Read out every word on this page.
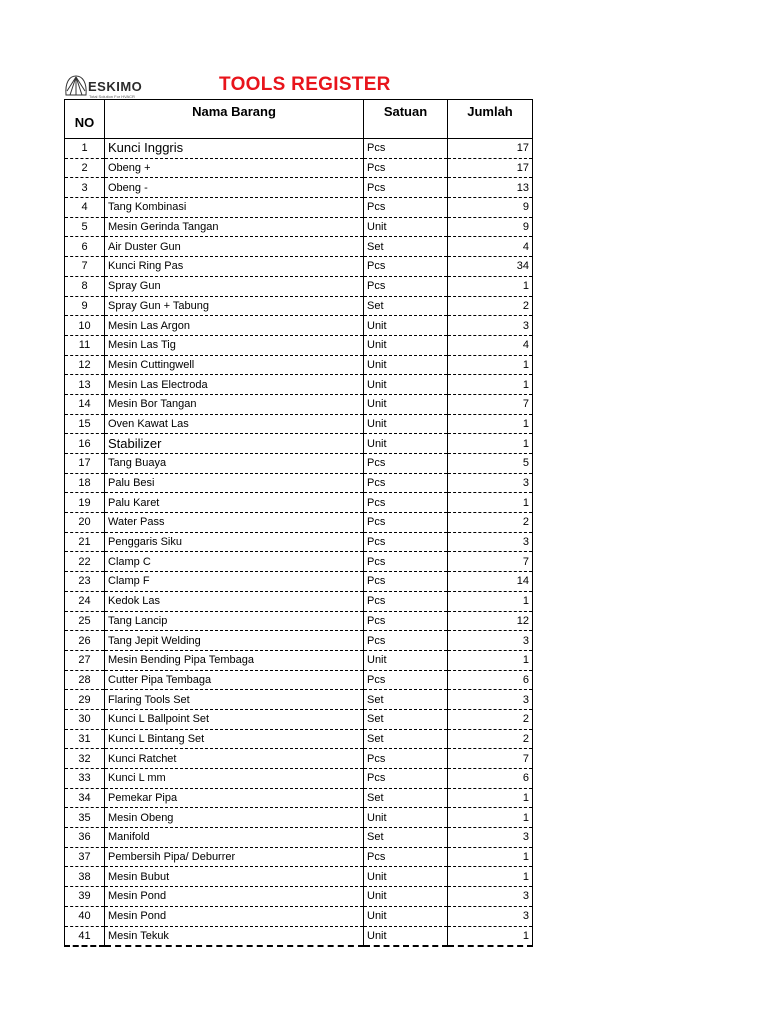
ESKIMO
Total Solution For HVACR
TOOLS REGISTER
NO	Nama Barang	Satuan	Jumlah
1	Kunci Inggris	Pcs	17
2	Obeng +	Pcs	17
3	Obeng -	Pcs	13
4	Tang Kombinasi	Pcs	9
5	Mesin Gerinda Tangan	Unit	9
6	Air Duster Gun	Set	4
7	Kunci Ring Pas	Pcs	34
8	Spray Gun	Pcs	1
9	Spray Gun + Tabung	Set	2
10	Mesin Las Argon	Unit	3
11	Mesin Las Tig	Unit	4
12	Mesin Cuttingwell	Unit	1
13	Mesin Las Electroda	Unit	1
14	Mesin Bor Tangan	Unit	7
15	Oven Kawat Las	Unit	1
16	Stabilizer	Unit	1
17	Tang Buaya	Pcs	5
18	Palu Besi	Pcs	3
19	Palu Karet	Pcs	1
20	Water Pass	Pcs	2
21	Penggaris Siku	Pcs	3
22	Clamp C	Pcs	7
23	Clamp F	Pcs	14
24	Kedok Las	Pcs	1
25	Tang Lancip	Pcs	12
26	Tang Jepit Welding	Pcs	3
27	Mesin Bending Pipa Tembaga	Unit	1
28	Cutter Pipa Tembaga	Pcs	6
29	Flaring Tools Set	Set	3
30	Kunci L Ballpoint Set	Set	2
31	Kunci L Bintang Set	Set	2
32	Kunci Ratchet	Pcs	7
33	Kunci L mm	Pcs	6
34	Pemekar Pipa	Set	1
35	Mesin Obeng	Unit	1
36	Manifold	Set	3
37	Pembersih Pipa/ Deburrer	Pcs	1
38	Mesin Bubut	Unit	1
39	Mesin Pond	Unit	3
40	Mesin Pond	Unit	3
41	Mesin Tekuk	Unit	1
